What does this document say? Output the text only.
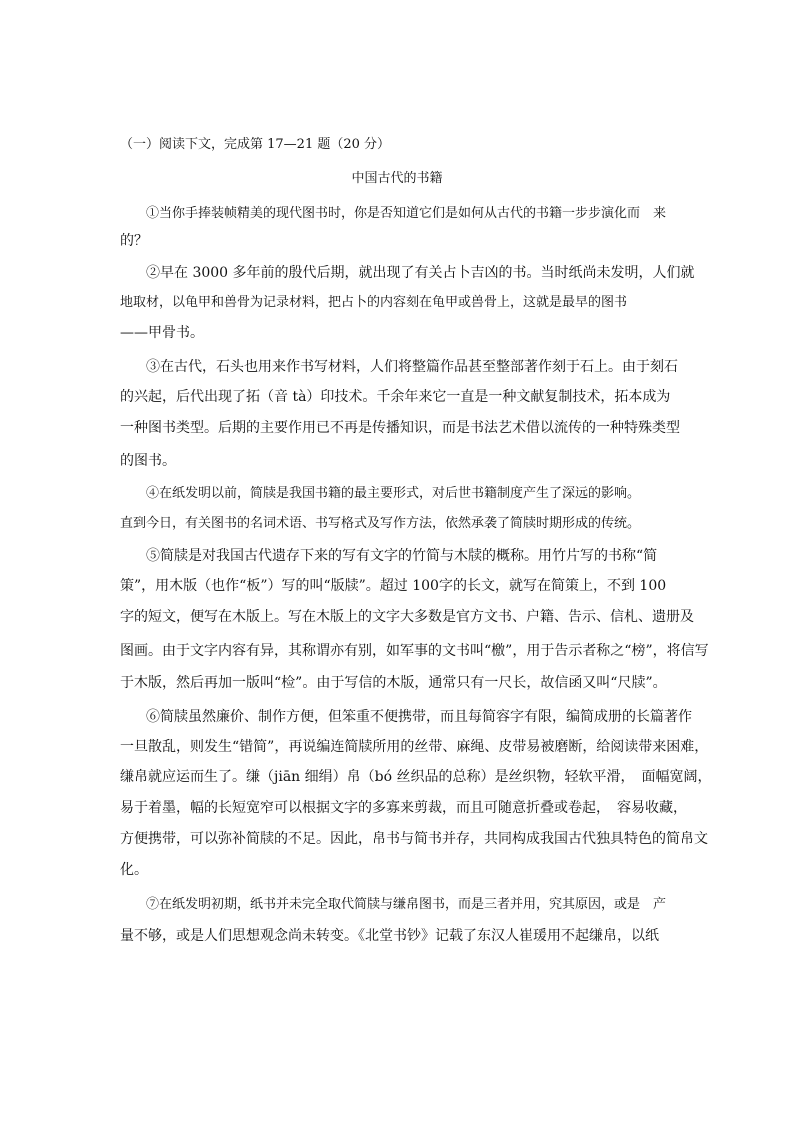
（一）阅读下文，完成第 17—21 题（20 分）
中国古代的书籍
①当你手捧装帧精美的现代图书时，你是否知道它们是如何从古代的书籍一步步演化而　来
的？
②早在 3000 多年前的殷代后期，就出现了有关占卜吉凶的书。当时纸尚未发明，人们就
地取材，以龟甲和兽骨为记录材料，把占卜的内容刻在龟甲或兽骨上，这就是最早的图书
——甲骨书。
③在古代，石头也用来作书写材料，人们将整篇作品甚至整部著作刻于石上。由于刻石
的兴起，后代出现了拓（音 tà）印技术。千余年来它一直是一种文献复制技术，拓本成为
一种图书类型。后期的主要作用已不再是传播知识，而是书法艺术借以流传的一种特殊类型
的图书。
④在纸发明以前，简牍是我国书籍的最主要形式，对后世书籍制度产生了深远的影响。
直到今日，有关图书的名词术语、书写格式及写作方法，依然承袭了简牍时期形成的传统。
⑤简牍是对我国古代遗存下来的写有文字的竹简与木牍的概称。用竹片写的书称“简
策”，用木版（也作“板”）写的叫“版牍”。超过 100字的长文，就写在简策上，不到 100
字的短文，便写在木版上。写在木版上的文字大多数是官方文书、户籍、告示、信札、遗册及
图画。由于文字内容有异，其称谓亦有别，如军事的文书叫“檄”，用于告示者称之“榜”，将信写
于木版，然后再加一版叫“检”。由于写信的木版，通常只有一尺长，故信函又叫“尺牍”。
⑥简牍虽然廉价、制作方便，但笨重不便携带，而且每简容字有限，编简成册的长篇著作
一旦散乱，则发生“错简”，再说编连简牍所用的丝带、麻绳、皮带易被磨断，给阅读带来困难，
缣帛就应运而生了。缣（jiān 细绢）帛（bó 丝织品的总称）是丝织物，轻软平滑，　面幅宽阔，
易于着墨，幅的长短宽窄可以根据文字的多寡来剪裁，而且可随意折叠或卷起，　容易收藏，
方便携带，可以弥补简牍的不足。因此，帛书与简书并存，共同构成我国古代独具特色的简帛文
化。
⑦在纸发明初期，纸书并未完全取代简牍与缣帛图书，而是三者并用，究其原因，或是　产
量不够，或是人们思想观念尚未转变。《北堂书钞》记载了东汉人崔瑗用不起缣帛，以纸
